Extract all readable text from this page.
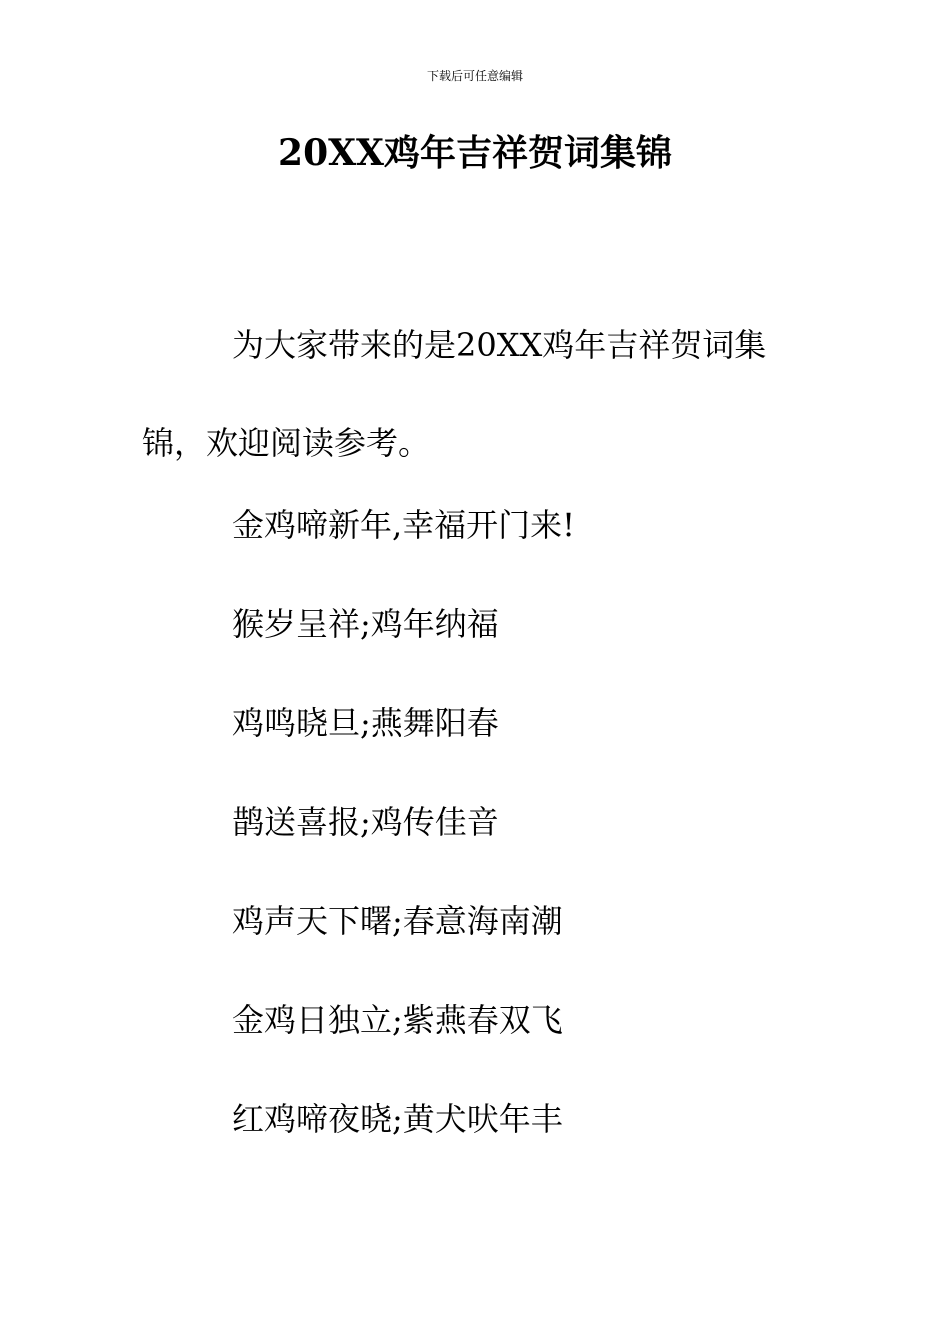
下载后可任意编辑
20XX鸡年吉祥贺词集锦

为大家带来的是20XX鸡年吉祥贺词集锦，欢迎阅读参考。

金鸡啼新年,幸福开门来!

猴岁呈祥;鸡年纳福

鸡鸣晓旦;燕舞阳春

鹊送喜报;鸡传佳音

鸡声天下曙;春意海南潮

金鸡日独立;紫燕春双飞

红鸡啼夜晓;黄犬吠年丰
